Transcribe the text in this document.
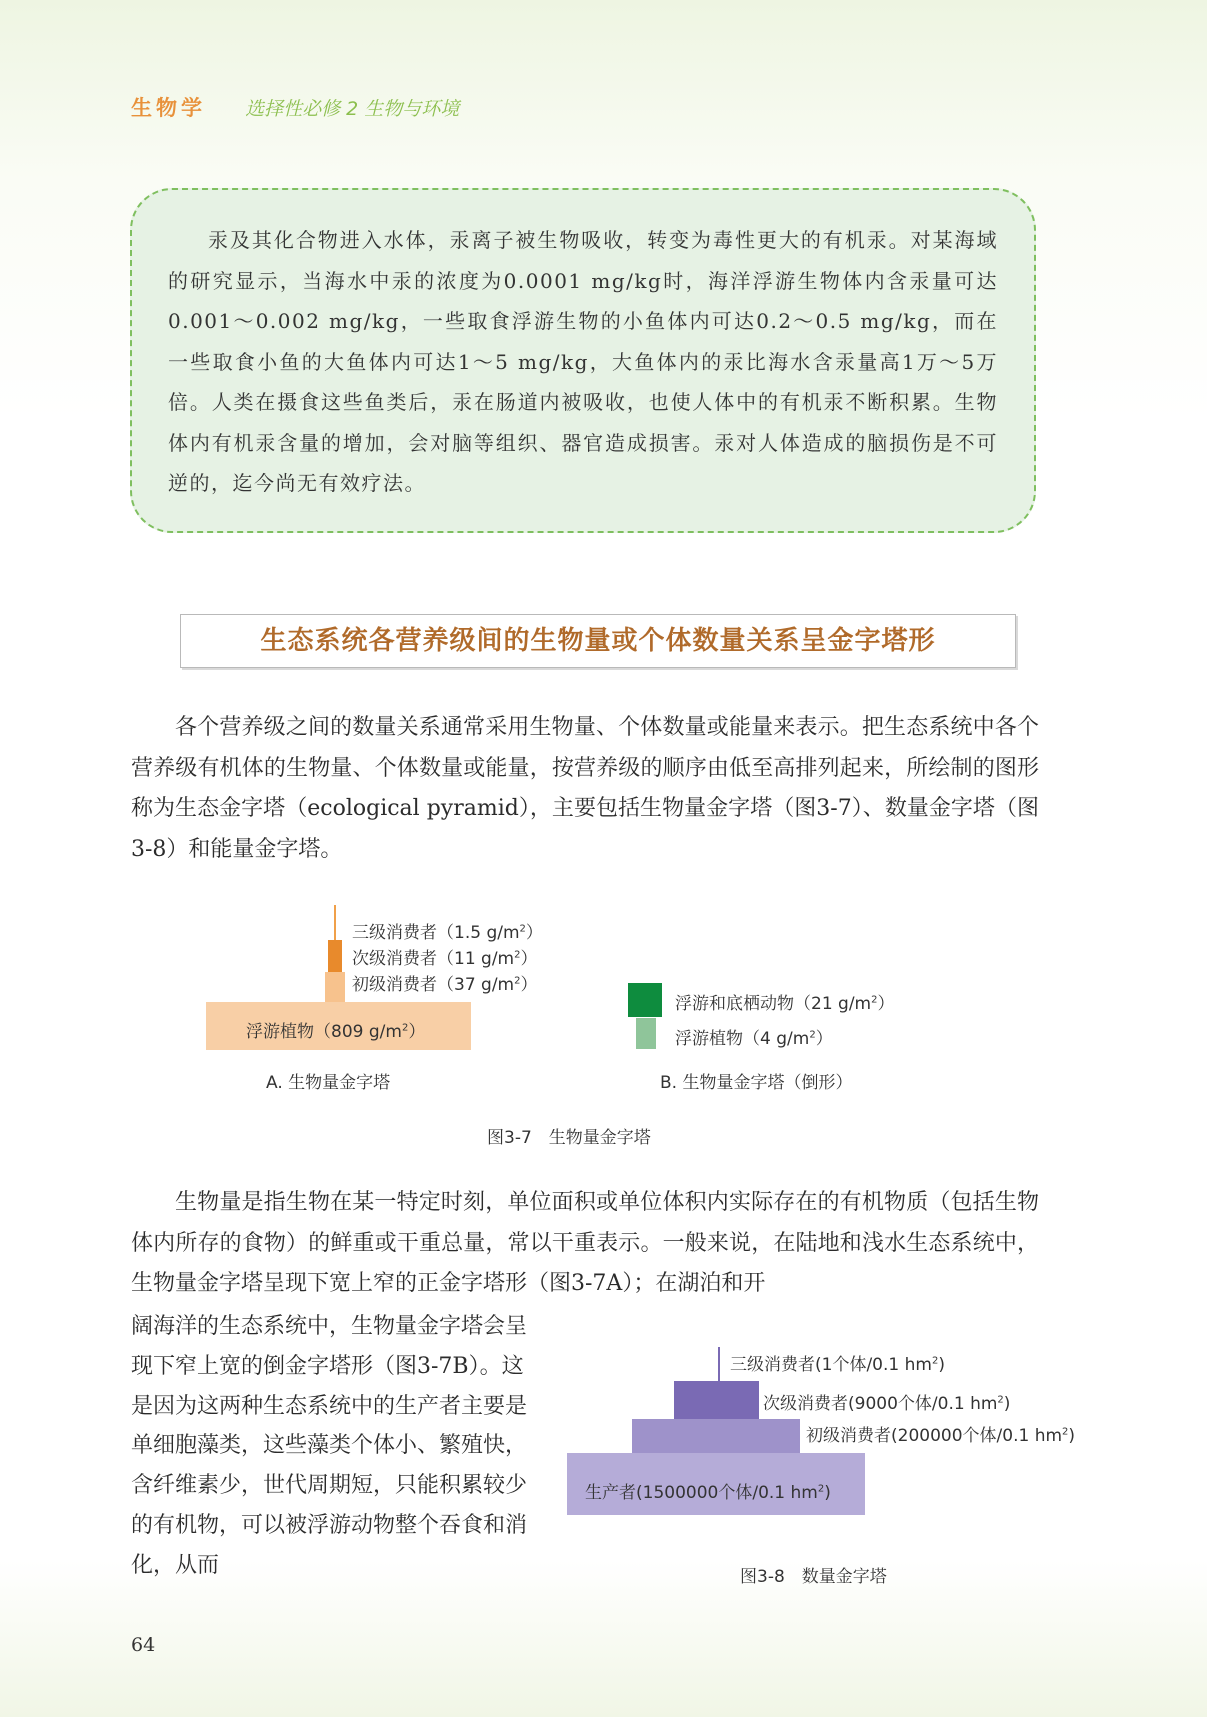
生物学 选择性必修 2 生物与环境

汞及其化合物进入水体，汞离子被生物吸收，转变为毒性更大的有机汞。对某海域的研究显示，当海水中汞的浓度为0.0001 mg/kg时，海洋浮游生物体内含汞量可达0.001～0.002 mg/kg，一些取食浮游生物的小鱼体内可达0.2～0.5 mg/kg，而在一些取食小鱼的大鱼体内可达1～5 mg/kg，大鱼体内的汞比海水含汞量高1万～5万倍。人类在摄食这些鱼类后，汞在肠道内被吸收，也使人体中的有机汞不断积累。生物体内有机汞含量的增加，会对脑等组织、器官造成损害。汞对人体造成的脑损伤是不可逆的，迄今尚无有效疗法。

生态系统各营养级间的生物量或个体数量关系呈金字塔形

各个营养级之间的数量关系通常采用生物量、个体数量或能量来表示。把生态系统中各个营养级有机体的生物量、个体数量或能量，按营养级的顺序由低至高排列起来，所绘制的图形称为生态金字塔（ecological pyramid），主要包括生物量金字塔（图3-7）、数量金字塔（图3-8）和能量金字塔。

三级消费者（1.5 $g/m^2$）
次级消费者（11 $g/m^2$）
初级消费者（37 $g/m^2$）
浮游植物（809 $g/m^2$）
A. 生物量金字塔
浮游和底栖动物（21 $g/m^2$）
浮游植物（4 $g/m^2$）
B. 生物量金字塔（倒形）
图3-7　生物量金字塔

生物量是指生物在某一特定时刻，单位面积或单位体积内实际存在的有机物质（包括生物体内所存的食物）的鲜重或干重总量，常以干重表示。一般来说，在陆地和浅水生态系统中，生物量金字塔呈现下宽上窄的正金字塔形（图3-7A）；在湖泊和开

阔海洋的生态系统中，生物量金字塔会呈现下窄上宽的倒金字塔形（图3-7B）。这是因为这两种生态系统中的生产者主要是单细胞藻类，这些藻类个体小、繁殖快，含纤维素少，世代周期短，只能积累较少的有机物，可以被浮游动物整个吞食和消化，从而

三级消费者(1个体/0.1 $hm^2$)
次级消费者(9000个体/0.1 $hm^2$)
初级消费者(200000个体/0.1 $hm^2$)
生产者(1500000个体/0.1 $hm^2$)
图3-8　数量金字塔
64
